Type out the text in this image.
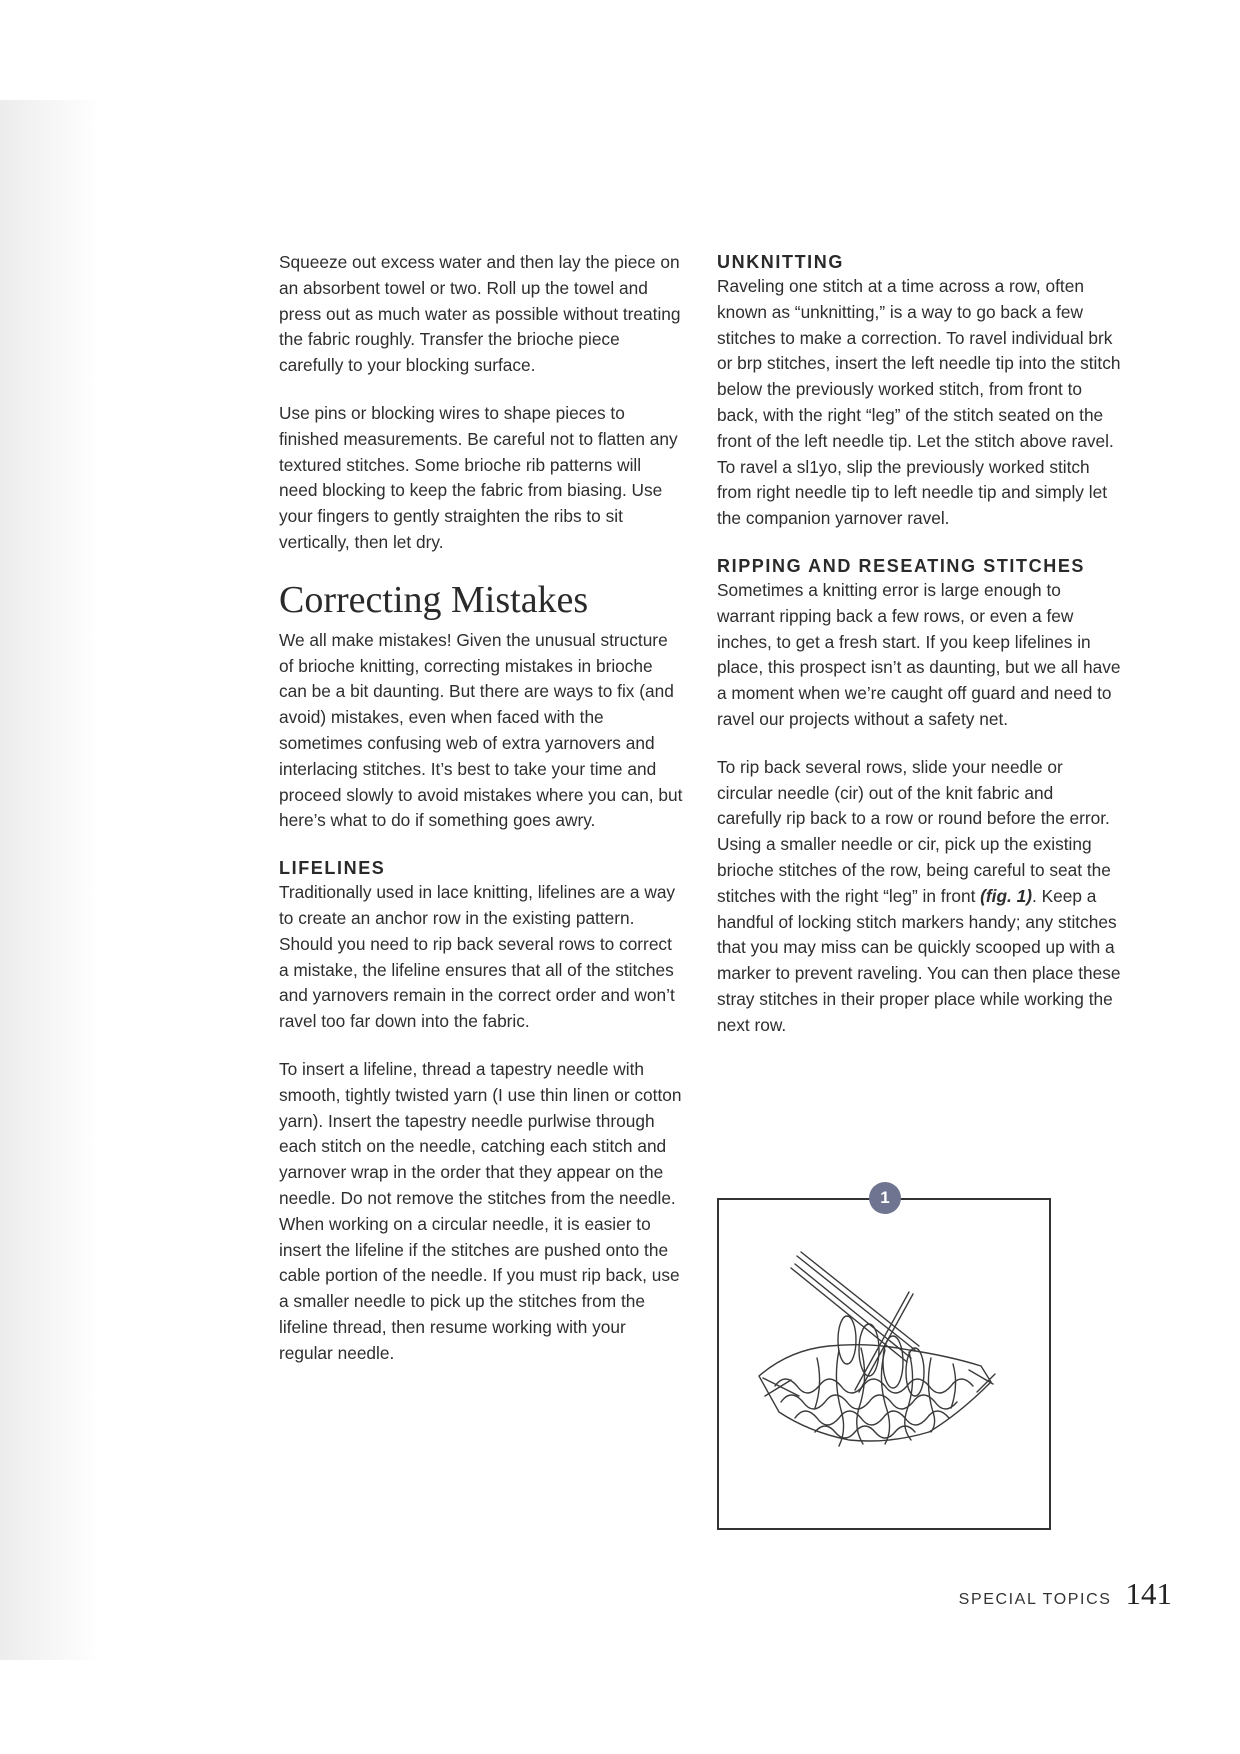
Squeeze out excess water and then lay the piece on an absorbent towel or two. Roll up the towel and press out as much water as possible without treating the fabric roughly. Transfer the brioche piece carefully to your blocking surface.

Use pins or blocking wires to shape pieces to finished measurements. Be careful not to flatten any textured stitches. Some brioche rib patterns will need blocking to keep the fabric from biasing. Use your fingers to gently straighten the ribs to sit vertically, then let dry.

Correcting Mistakes

We all make mistakes! Given the unusual structure of brioche knitting, correcting mistakes in brioche can be a bit daunting. But there are ways to fix (and avoid) mistakes, even when faced with the sometimes confusing web of extra yarnovers and interlacing stitches. It’s best to take your time and proceed slowly to avoid mistakes where you can, but here’s what to do if something goes awry.

LIFELINES

Traditionally used in lace knitting, lifelines are a way to create an anchor row in the existing pattern. Should you need to rip back several rows to correct a mistake, the lifeline ensures that all of the stitches and yarnovers remain in the correct order and won’t ravel too far down into the fabric.

To insert a lifeline, thread a tapestry needle with smooth, tightly twisted yarn (I use thin linen or cotton yarn). Insert the tapestry needle purlwise through each stitch on the needle, catching each stitch and yarnover wrap in the order that they appear on the needle. Do not remove the stitches from the needle. When working on a circular needle, it is easier to insert the lifeline if the stitches are pushed onto the cable portion of the needle. If you must rip back, use a smaller needle to pick up the stitches from the lifeline thread, then resume working with your regular needle.

UNKNITTING

Raveling one stitch at a time across a row, often known as “unknitting,” is a way to go back a few stitches to make a correction. To ravel individual brk or brp stitches, insert the left needle tip into the stitch below the previously worked stitch, from front to back, with the right “leg” of the stitch seated on the front of the left needle tip. Let the stitch above ravel. To ravel a sl1yo, slip the previously worked stitch from right needle tip to left needle tip and simply let the companion yarnover ravel.

RIPPING AND RESEATING STITCHES

Sometimes a knitting error is large enough to warrant ripping back a few rows, or even a few inches, to get a fresh start. If you keep lifelines in place, this prospect isn’t as daunting, but we all have a moment when we’re caught off guard and need to ravel our projects without a safety net.

To rip back several rows, slide your needle or circular needle (cir) out of the knit fabric and carefully rip back to a row or round before the error. Using a smaller needle or cir, pick up the existing brioche stitches of the row, being careful to seat the stitches with the right “leg” in front (fig. 1). Keep a handful of locking stitch markers handy; any stitches that you may miss can be quickly scooped up with a marker to prevent raveling. You can then place these stray stitches in their proper place while working the next row.

1
SPECIAL TOPICS 141
